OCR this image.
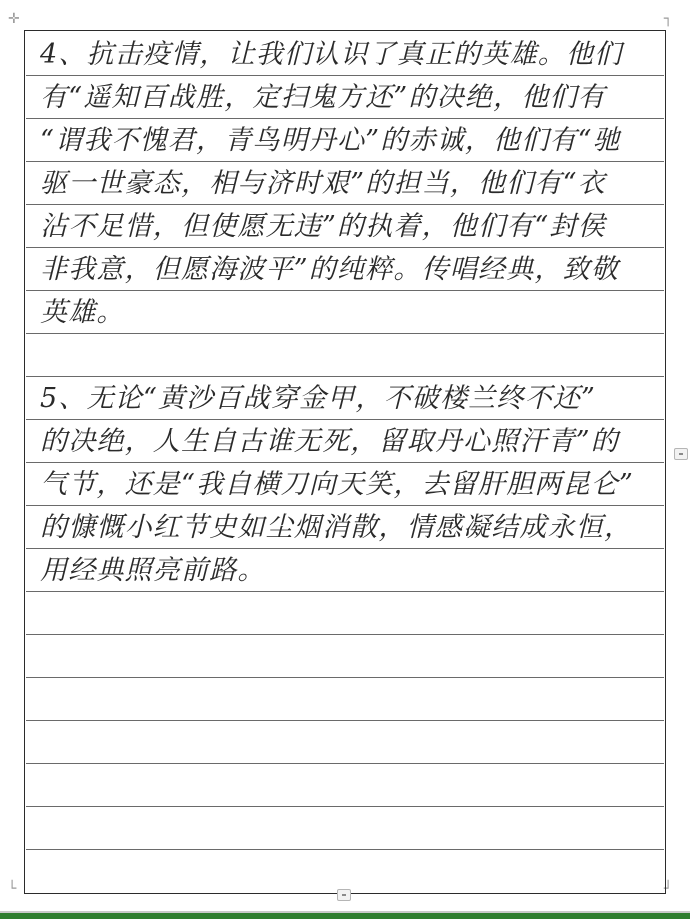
✛	┐
└	┘
4、抗击疫情，让我们认识了真正的英雄。他们
有“遥知百战胜，定扫鬼方还”的决绝，他们有
“谓我不愧君，青鸟明丹心”的赤诚，他们有“驰
驱一世豪态，相与济时艰”的担当，他们有“衣
沾不足惜，但使愿无违”的执着，他们有“封侯
非我意，但愿海波平”的纯粹。传唱经典，致敬
英雄。
5、无论“黄沙百战穿金甲，不破楼兰终不还”
的决绝，人生自古谁无死，留取丹心照汗青”的
气节，还是“我自横刀向天笑，去留肝胆两昆仑”
的慷慨小红节史如尘烟消散，情感凝结成永恒，
用经典照亮前路。
